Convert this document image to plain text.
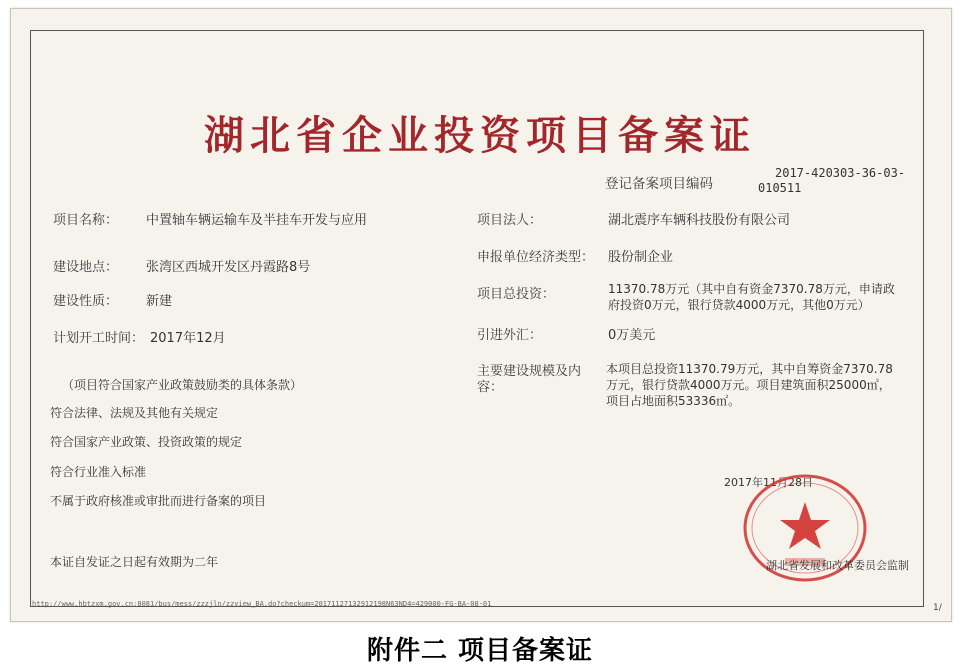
湖北省企业投资项目备案证
登记备案项目编码
2017-420303-36-03-
010511
项目名称： 中置轴车辆运输车及半挂车开发与应用
建设地点： 张湾区西城开发区丹霞路8号
建设性质： 新建
计划开工时间： 2017年12月
项目法人：	湖北震序车辆科技股份有限公司
申报单位经济类型： 股份制企业
项目总投资：	11370.78万元（其中自有资金7370.78万元，申请政
府投资0万元，银行贷款4000万元，其他0万元）
引进外汇：	0万美元
主要建设规模及内
容：
本项目总投资11370.79万元，其中自筹资金7370.78
万元，银行贷款4000万元。项目建筑面积25000㎡，
项目占地面积53336㎡。
（项目符合国家产业政策鼓励类的具体条款）
符合法律、法规及其他有关规定
符合国家产业政策、投资政策的规定
符合行业准入标准
不属于政府核准或审批而进行备案的项目
本证自发证之日起有效期为二年
2017年11月28日
湖北省发展和改革委员会监制
http://www.hbtzxm.gov.cn:8081/bus/mess/zzzjln/zzview_BA.do?checkum=20171127132912198N63ND4=429000-FG-BA-08-01	1/
附件二 项目备案证
